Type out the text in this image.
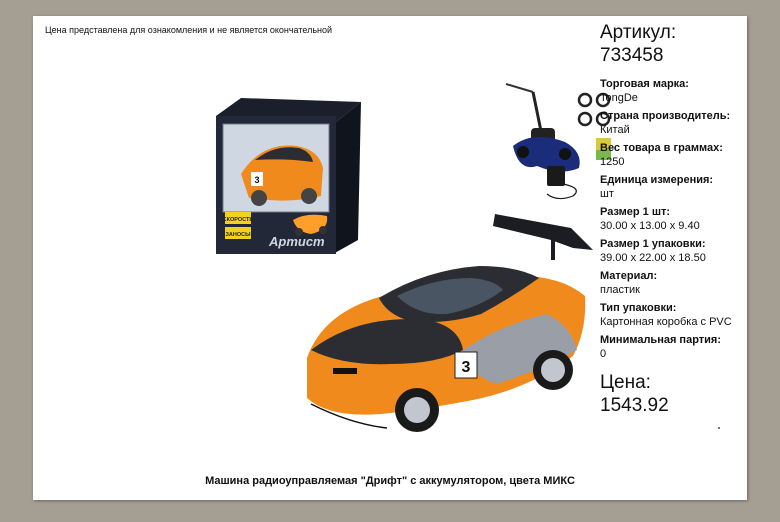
Цена представлена для ознакомления и не является окончательной
3
СКОРОСТЬ
ЗАНОСЫ Артист
3
Артикул:
733458
Торговая марка:
TongDe
Страна производитель:
Китай
Вес товара в граммах:
1250
Единица измерения:
шт
Размер 1 шт:
30.00 x 13.00 x 9.40
Размер 1 упаковки:
39.00 x 22.00 x 18.50
Материал:
пластик
Тип упаковки:
Картонная коробка с PVC
Минимальная партия:
0
Цена:
1543.92
Машина радиоуправляемая "Дрифт" с аккумулятором, цвета МИКС
